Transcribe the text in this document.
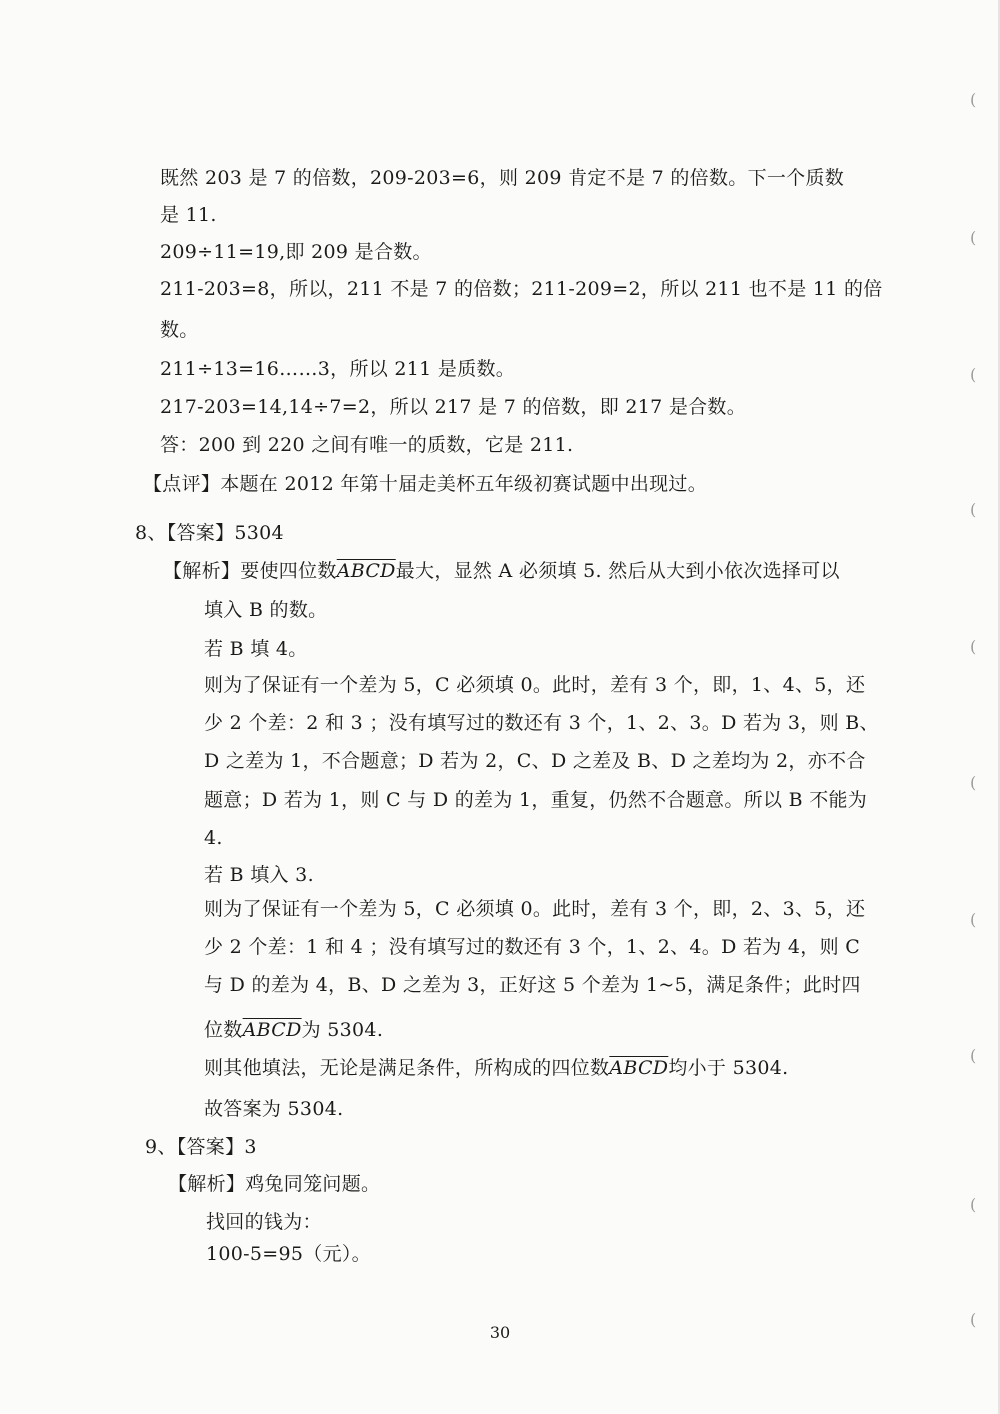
既然 203 是 7 的倍数，209-203=6，则 209 肯定不是 7 的倍数。下一个质数
是 11.
209÷11=19,即 209 是合数。
211-203=8，所以，211 不是 7 的倍数；211-209=2，所以 211 也不是 11 的倍
数。
211÷13=16……3，所以 211 是质数。
217-203=14,14÷7=2，所以 217 是 7 的倍数，即 217 是合数。
答：200 到 220 之间有唯一的质数，它是 211.
【点评】本题在 2012 年第十届走美杯五年级初赛试题中出现过。
8、【答案】5304
【解析】要使四位数ABCD最大，显然 A 必须填 5. 然后从大到小依次选择可以
填入 B 的数。
若 B 填 4。
则为了保证有一个差为 5，C 必须填 0。此时，差有 3 个，即，1、4、5，还
少 2 个差：2 和 3 ；没有填写过的数还有 3 个，1、2、3。D 若为 3，则 B、
D 之差为 1，不合题意；D 若为 2，C、D 之差及 B、D 之差均为 2，亦不合
题意；D 若为 1，则 C 与 D 的差为 1，重复，仍然不合题意。所以 B 不能为
4.
若 B 填入 3.
则为了保证有一个差为 5，C 必须填 0。此时，差有 3 个，即，2、3、5，还
少 2 个差：1 和 4 ；没有填写过的数还有 3 个，1、2、4。D 若为 4，则 C
与 D 的差为 4，B、D 之差为 3，正好这 5 个差为 1~5，满足条件；此时四
位数ABCD为 5304.
则其他填法，无论是满足条件，所构成的四位数ABCD均小于 5304.
故答案为 5304.
9、【答案】3
【解析】鸡兔同笼问题。
找回的钱为：
100-5=95（元）。
30
(
(
(
(
(
(
(
(
(
(
